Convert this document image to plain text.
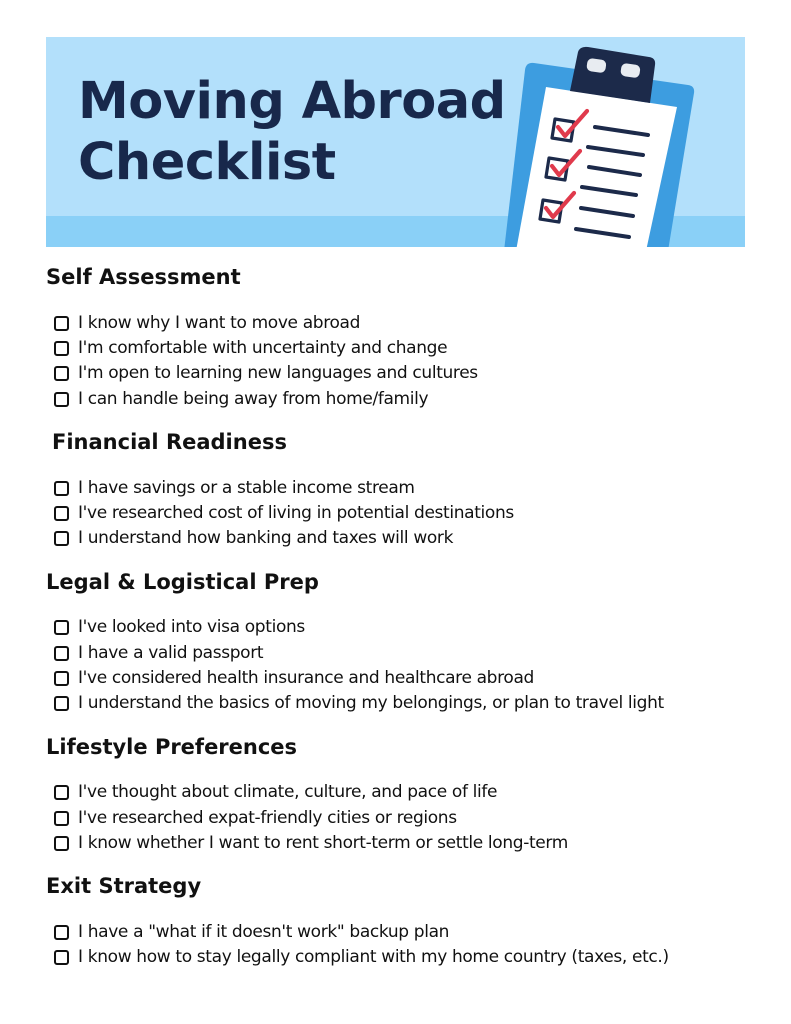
Moving Abroad
Checklist
Self Assessment
I know why I want to move abroad
I'm comfortable with uncertainty and change
I'm open to learning new languages and cultures
I can handle being away from home/family
Financial Readiness
I have savings or a stable income stream
I've researched cost of living in potential destinations
I understand how banking and taxes will work
Legal & Logistical Prep
I've looked into visa options
I have a valid passport
I've considered health insurance and healthcare abroad
I understand the basics of moving my belongings, or plan to travel light
Lifestyle Preferences
I've thought about climate, culture, and pace of life
I've researched expat-friendly cities or regions
I know whether I want to rent short-term or settle long-term
Exit Strategy
I have a "what if it doesn't work" backup plan
I know how to stay legally compliant with my home country (taxes, etc.)
